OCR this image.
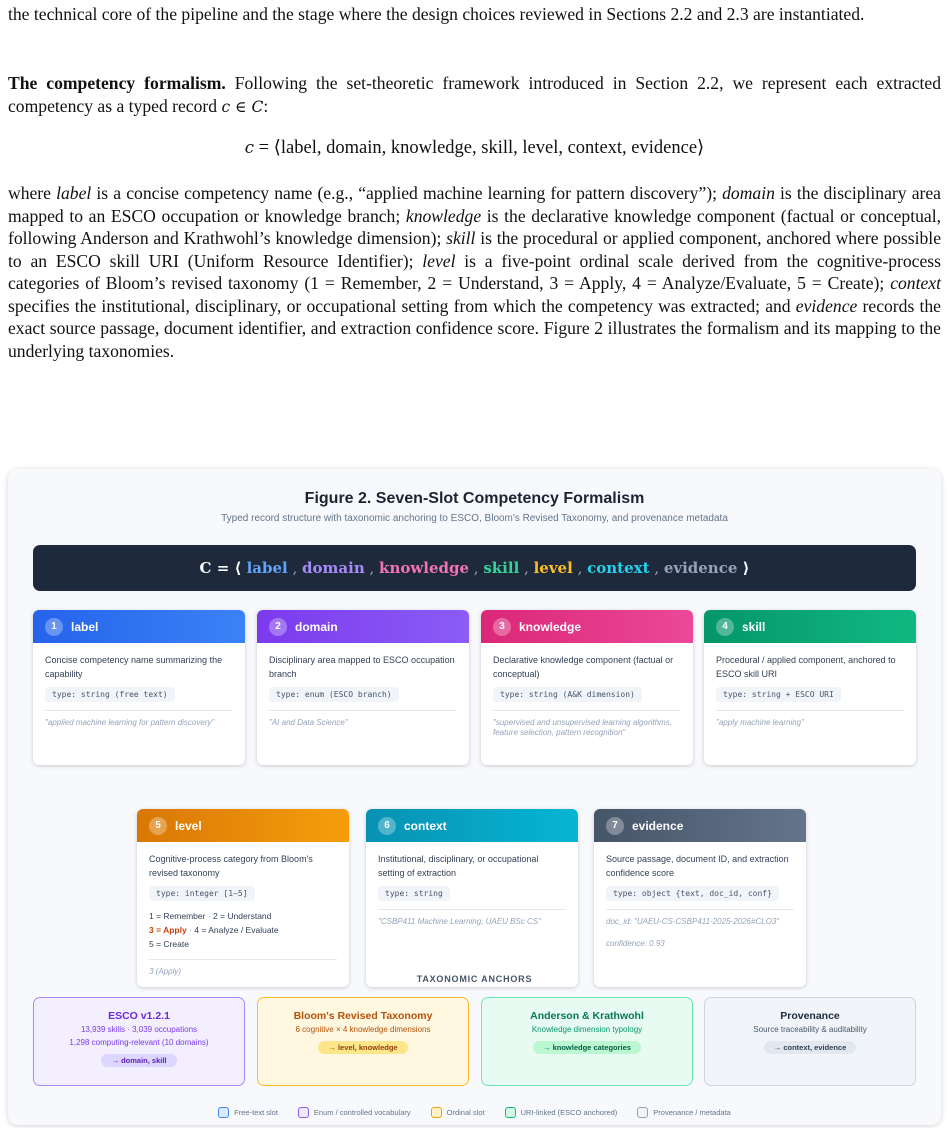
the technical core of the pipeline and the stage where the design choices reviewed in Sections 2.2 and 2.3 are instantiated.
The competency formalism. Following the set-theoretic framework introduced in Section 2.2, we represent each extracted competency as a typed record c ∈ 𝐶:
c = ⟨label, domain, knowledge, skill, level, context, evidence⟩
where label is a concise competency name (e.g., “applied machine learning for pattern discovery”); domain is the disciplinary area mapped to an ESCO occupation or knowledge branch; knowledge is the declarative knowledge component (factual or conceptual, following Anderson and Krathwohl’s knowledge dimension); skill is the procedural or applied component, anchored where possible to an ESCO skill URI (Uniform Resource Identifier); level is a five-point ordinal scale derived from the cognitive-process categories of Bloom’s revised taxonomy (1 = Remember, 2 = Understand, 3 = Apply, 4 = Analyze/Evaluate, 5 = Create); context specifies the institutional, disciplinary, or occupational setting from which the competency was extracted; and evidence records the exact source passage, document identifier, and extraction confidence score. Figure 2 illustrates the formalism and its mapping to the underlying taxonomies.
Figure 2. Seven-Slot Competency Formalism
Typed record structure with taxonomic anchoring to ESCO, Bloom's Revised Taxonomy, and provenance metadata
C = ⟨ label , domain , knowledge , skill , level , context , evidence ⟩
1	label
Concise competency name summarizing the capability
type: string (free text)
"applied machine learning for pattern discovery"
2	domain
Disciplinary area mapped to ESCO occupation branch
type: enum (ESCO branch)
"AI and Data Science"
3	knowledge
Declarative knowledge component (factual or conceptual)
type: string (A&K dimension)
"supervised and unsupervised learning algorithms, feature selection, pattern recognition"
4	skill
Procedural / applied component, anchored to ESCO skill URI
type: string + ESCO URI
"apply machine learning"
5	level
Cognitive-process category from Bloom's revised taxonomy
type: integer [1–5]
1 = Remember · 2 = Understand
3 = Apply · 4 = Analyze / Evaluate
5 = Create
3 (Apply)
6	context
Institutional, disciplinary, or occupational setting of extraction
type: string
"CSBP411 Machine Learning, UAEU BSc CS"
7	evidence
Source passage, document ID, and extraction confidence score
type: object {text, doc_id, conf}
doc_id: "UAEU-CS-CSBP411-2025-2026#CLO3"
confidence: 0.93
TAXONOMIC ANCHORS
ESCO v1.2.1
13,939 skills · 3,039 occupations
1,298 computing-relevant (10 domains)
→ domain, skill
Bloom's Revised Taxonomy
6 cognitive × 4 knowledge dimensions
→ level, knowledge
Anderson & Krathwohl
Knowledge dimension typology
→ knowledge categories
Provenance
Source traceability & auditability
→ context, evidence
Free-text slot	Enum / controlled vocabulary	Ordinal slot	URI-linked (ESCO anchored)	Provenance / metadata
